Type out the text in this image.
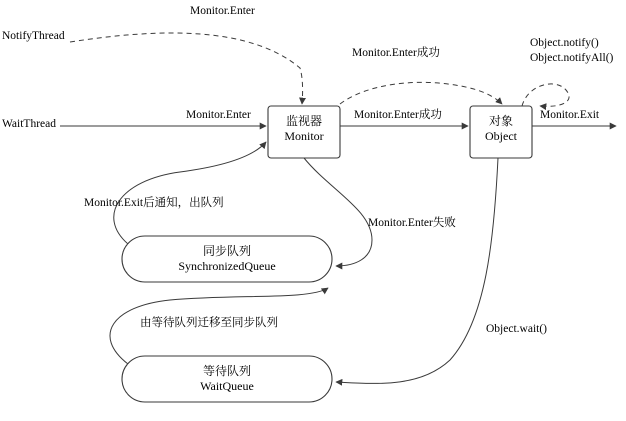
NotifyThread
WaitThread	监视器
Monitor
对象
Object
同步队列
SynchronizedQueue
等待队列
WaitQueue
Monitor.Enter
Monitor.Enter成功
Object.notify()
Object.notifyAll()
Monitor.Enter	Monitor.Enter成功	Monitor.Exit
Monitor.Exit后通知，出队列
Monitor.Enter失败
由等待队列迁移至同步队列	Object.wait()
